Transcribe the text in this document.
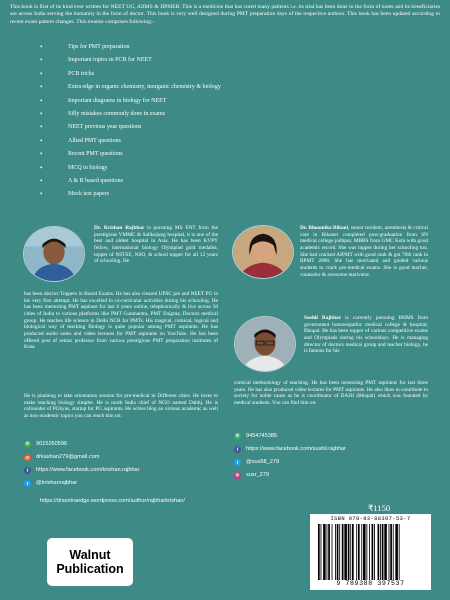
This book is first of its kind ever written for NEET UG, AIIMS & JIPMER. This is a medicine that has cured many patients i.e. its trial has been done in the form of notes and its beneficiaries are across India serving the humanity in the form of doctor. This book is very well designed during PMT preparation days of the respective authors. This book has been updated according to recent exam pattern changes. This treatise comprises following:-

•	Tips for PMT preparation
•	Important topics in PCB for NEET
•	PCB tricks
•	Extra edge in organic chemistry, inorganic chemistry & biology
•	Important diagrams in biology for NEET
•	Silly mistakes commonly done in exams
•	NEET previous year questions
•	Allied PMT questions
•	Recent PMT questions
•	MCQ in biology
•	A & R based questions
•	Mock test papers

Dr. Krishan Rajbhar is pursuing MS ENT from the prestigious VMMC & Safdarjung hospital, it is one of the best and oldest hospital in Asia. He has been KVPY fellow, international biology Olympiad gold medalist, topper of NSTSE, NSO, & school topper for all 12 years of schooling. He

has been district Toppers in Board Exams. He has also cleared UPSC pre and NEET PG in his very first attempt. He has excelled in co-curricular activities during his schooling. He has been mentoring PMT aspirant for last 6 years online, telephonically & live across 50 cities of India to various platforms like PMT Gunmantra, PMT Enigma, Doctors medical group. He teaches life science in Delhi NCR for PMTs. His magical, comical, logical and biological way of teaching Biology is quite popular among PMT aspirants. He has produced audio notes and video lectures for PMT aspirants on YouTube. He has been offered post of senior professor from various prestigious PMT preparation institutes of Kota.

He is planning to take orientation session for pre-medical in Different cities. He loves to make teaching biology simpler. He is north India chief of NGO named Dabhj. He is cofounder of PGbyas, startup for PG aspirants. He writes blog on various academic as well as non-academic topics you can reach him on:

✆ 9015260596
@ drkashan279@gmail.com
f	https://www.facebook.com/krishan.rajbhar
t	@krishanrajbhar
https://drsoxtraedge.wordpress.com/author/rajbharkrishan/

Dr. Bhoomika Bihani, senior resident, anesthesia & critical care in Bikaner completed post-graduation from SN medical college jodhpur, MBBS from GMC Kota with good academic record. She was topper during her schooling too. She had cracked AIPMT with good rank & got 70th rank in RPMT 2008. She has motivated and guided various students to crack pre-medical exams. She is good teacher, counselor & awesome motivator.

Sushil Rajbhar is currently pursuing BHMS from government homoeopathic medical college & hospital, Bhopal. He has been topper of various competitive exams and Olympiads during his schooldays. He is managing director of doctors medical group and teacher biology, he is famous for his

comical methodology of teaching. He has been mentoring PMT aspirants for last three years. He has also produced video lectures for PMT aspirants. He also likes to contribute to society for noble cause as he is coordinator of DAHJ (Bhopal) which was founded by medical students. You can find him on:

✆ 9454745385
f	https://www.facebook.com/sushil.rajbhar
t	@sus58_279
◎ susr_279
₹1150
ISBN 978-93-88397-53-7
9 789388 397537
Walnut
Publication
